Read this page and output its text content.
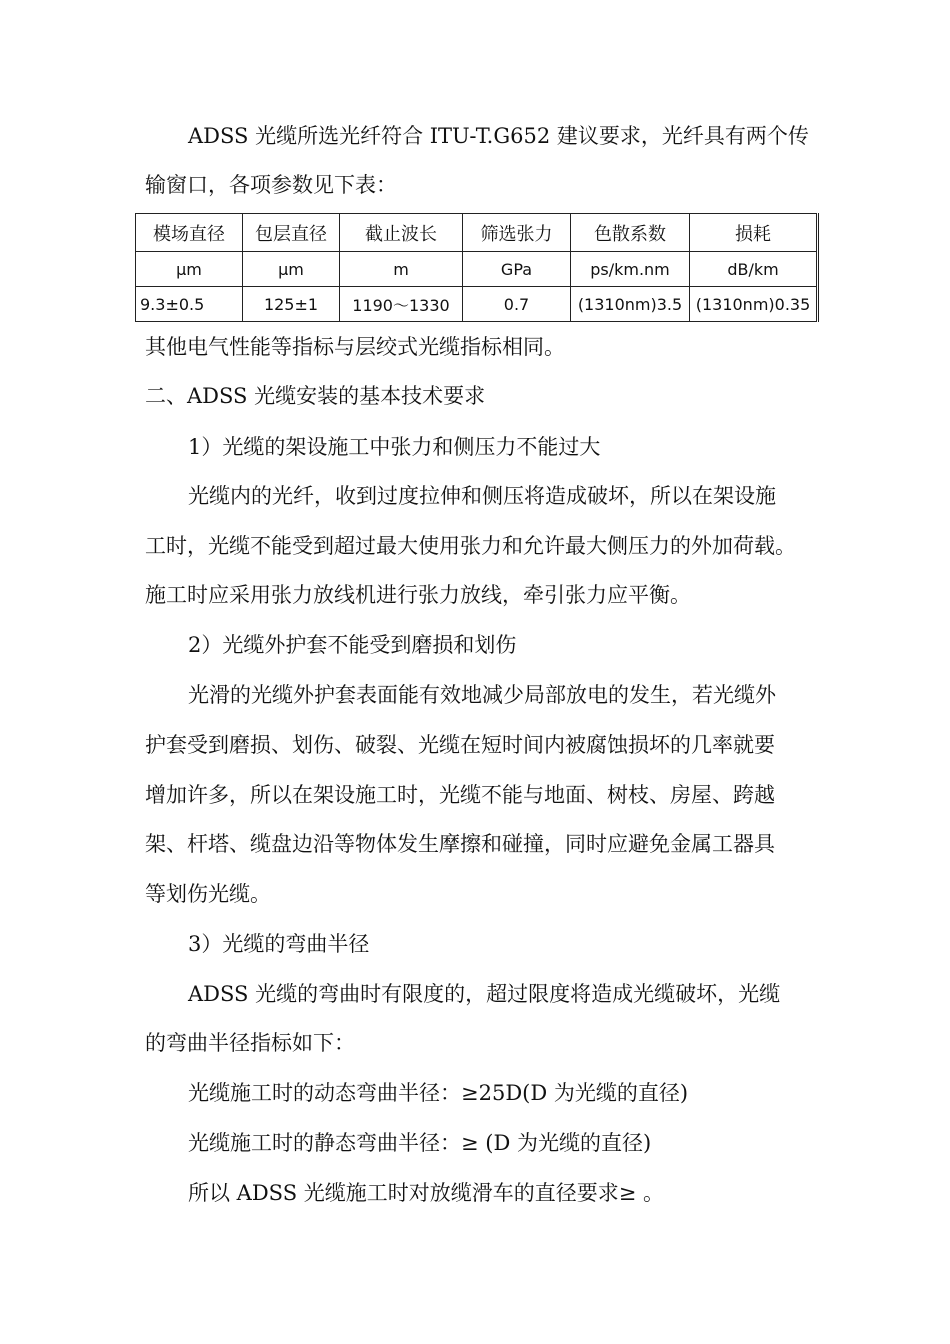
ADSS 光缆所选光纤符合 ITU-T.G652 建议要求，光纤具有两个传
输窗口，各项参数见下表：
模场直径	包层直径	截止波长	筛选张力	色散系数	损耗
μm	μm	m	GPa	ps/km.nm	dB/km
9.3±0.5	125±1	1190～1330	0.7	(1310nm)3.5	(1310nm)0.35
其他电气性能等指标与层绞式光缆指标相同。
二、ADSS 光缆安装的基本技术要求
1）光缆的架设施工中张力和侧压力不能过大
光缆内的光纤，收到过度拉伸和侧压将造成破坏，所以在架设施
工时，光缆不能受到超过最大使用张力和允许最大侧压力的外加荷载。
施工时应采用张力放线机进行张力放线，牵引张力应平衡。
2）光缆外护套不能受到磨损和划伤
光滑的光缆外护套表面能有效地减少局部放电的发生，若光缆外
护套受到磨损、划伤、破裂、光缆在短时间内被腐蚀损坏的几率就要
增加许多，所以在架设施工时，光缆不能与地面、树枝、房屋、跨越
架、杆塔、缆盘边沿等物体发生摩擦和碰撞，同时应避免金属工器具
等划伤光缆。
3）光缆的弯曲半径
ADSS 光缆的弯曲时有限度的，超过限度将造成光缆破坏，光缆
的弯曲半径指标如下：
光缆施工时的动态弯曲半径：≥25D(D 为光缆的直径)
光缆施工时的静态弯曲半径：≥ (D 为光缆的直径)
所以 ADSS 光缆施工时对放缆滑车的直径要求≥ 。
